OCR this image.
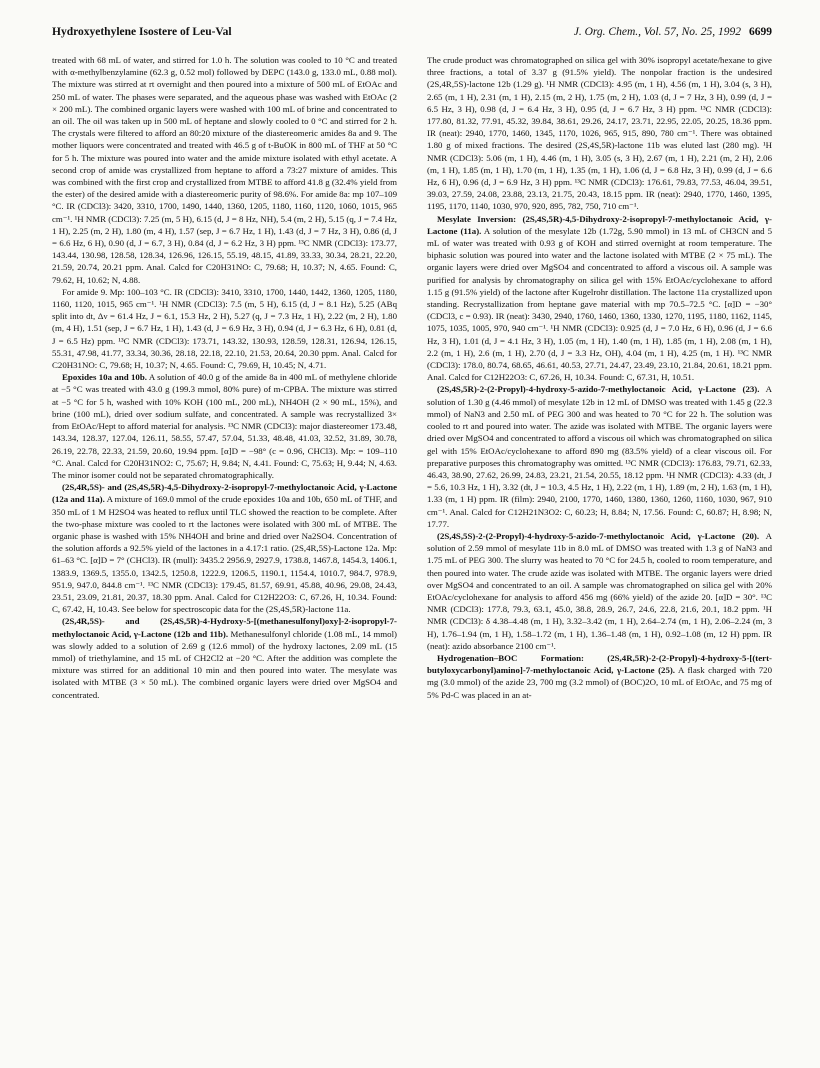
Hydroxyethylene Isostere of Leu-Val	J. Org. Chem., Vol. 57, No. 25, 1992 6699

treated with 68 mL of water, and stirred for 1.0 h. The solution was cooled to 10 °C and treated with α-methylbenzylamine (62.3 g, 0.52 mol) followed by DEPC (143.0 g, 133.0 mL, 0.88 mol). The mixture was stirred at rt overnight and then poured into a mixture of 500 mL of EtOAc and 250 mL of water. The phases were separated, and the aqueous phase was washed with EtOAc (2 × 200 mL). The combined organic layers were washed with 100 mL of brine and concentrated to an oil. The oil was taken up in 500 mL of heptane and slowly cooled to 0 °C and stirred for 2 h. The crystals were filtered to afford an 80:20 mixture of the diastereomeric amides 8a and 9. The mother liquors were concentrated and treated with 46.5 g of t-BuOK in 800 mL of THF at 50 °C for 5 h. The mixture was poured into water and the amide mixture isolated with ethyl acetate. A second crop of amide was crystallized from heptane to afford a 73:27 mixture of amides. This was combined with the first crop and crystallized from MTBE to afford 41.8 g (32.4% yield from the ester) of the desired amide with a diastereomeric purity of 98.6%. For amide 8a: mp 107–109 °C. IR (CDCl3): 3420, 3310, 1700, 1490, 1440, 1360, 1205, 1180, 1160, 1120, 1060, 1015, 965 cm⁻¹. ¹H NMR (CDCl3): 7.25 (m, 5 H), 6.15 (d, J = 8 Hz, NH), 5.4 (m, 2 H), 5.15 (q, J = 7.4 Hz, 1 H), 2.25 (m, 2 H), 1.80 (m, 4 H), 1.57 (sep, J = 6.7 Hz, 1 H), 1.43 (d, J = 7 Hz, 3 H), 0.86 (d, J = 6.6 Hz, 6 H), 0.90 (d, J = 6.7, 3 H), 0.84 (d, J = 6.2 Hz, 3 H) ppm. ¹³C NMR (CDCl3): 173.77, 143.44, 130.98, 128.58, 128.34, 126.96, 126.15, 55.19, 48.15, 41.89, 33.33, 30.34, 28.21, 22.20, 21.59, 20.74, 20.21 ppm. Anal. Calcd for C20H31NO: C, 79.68; H, 10.37; N, 4.65. Found: C, 79.62, H, 10.62; N, 4.88.

For amide 9. Mp: 100–103 °C. IR (CDCl3): 3410, 3310, 1700, 1440, 1442, 1360, 1205, 1180, 1160, 1120, 1015, 965 cm⁻¹. ¹H NMR (CDCl3): 7.5 (m, 5 H), 6.15 (d, J = 8.1 Hz), 5.25 (ABq split into dt, Δν = 61.4 Hz, J = 6.1, 15.3 Hz, 2 H), 5.27 (q, J = 7.3 Hz, 1 H), 2.22 (m, 2 H), 1.80 (m, 4 H), 1.51 (sep, J = 6.7 Hz, 1 H), 1.43 (d, J = 6.9 Hz, 3 H), 0.94 (d, J = 6.3 Hz, 6 H), 0.81 (d, J = 6.5 Hz) ppm. ¹³C NMR (CDCl3): 173.71, 143.32, 130.93, 128.59, 128.31, 126.94, 126.15, 55.31, 47.98, 41.77, 33.34, 30.36, 28.18, 22.18, 22.10, 21.53, 20.64, 20.30 ppm. Anal. Calcd for C20H31NO: C, 79.68; H, 10.37; N, 4.65. Found: C, 79.69, H, 10.45; N, 4.71.

Epoxides 10a and 10b. A solution of 40.0 g of the amide 8a in 400 mL of methylene chloride at −5 °C was treated with 43.0 g (199.3 mmol, 80% pure) of m-CPBA. The mixture was stirred at −5 °C for 5 h, washed with 10% KOH (100 mL, 200 mL), NH4OH (2 × 90 mL, 15%), and brine (100 mL), dried over sodium sulfate, and concentrated. A sample was recrystallized 3× from EtOAc/Hept to afford material for analysis. ¹³C NMR (CDCl3): major diastereomer 173.48, 143.34, 128.37, 127.04, 126.11, 58.55, 57.47, 57.04, 51.33, 48.48, 41.03, 32.52, 31.89, 30.78, 26.19, 22.78, 22.33, 21.59, 20.60, 19.94 ppm. [α]D = −98° (c = 0.96, CHCl3). Mp: = 109–110 °C. Anal. Calcd for C20H31NO2: C, 75.67; H, 9.84; N, 4.41. Found: C, 75.63; H, 9.44; N, 4.63. The minor isomer could not be separated chromatographically.

(2S,4R,5S)- and (2S,4S,5R)-4,5-Dihydroxy-2-isopropyl-7-methyloctanoic Acid, γ-Lactone (12a and 11a). A mixture of 169.0 mmol of the crude epoxides 10a and 10b, 650 mL of THF, and 350 mL of 1 M H2SO4 was heated to reflux until TLC showed the reaction to be complete. After the two-phase mixture was cooled to rt the lactones were isolated with 300 mL of MTBE. The organic phase is washed with 15% NH4OH and brine and dried over Na2SO4. Concentration of the solution affords a 92.5% yield of the lactones in a 4.17:1 ratio. (2S,4R,5S)-Lactone 12a. Mp: 61–63 °C. [α]D = 7° (CHCl3). IR (mull): 3435.2 2956.9, 2927.9, 1738.8, 1467.8, 1454.3, 1406.1, 1383.9, 1369.5, 1355.0, 1342.5, 1250.8, 1222.9, 1206.5, 1190.1, 1154.4, 1010.7, 984.7, 978.9, 951.9, 947.0, 844.8 cm⁻¹. ¹³C NMR (CDCl3): 179.45, 81.57, 69.91, 45.88, 40.96, 29.08, 24.43, 23.51, 23.09, 21.81, 20.37, 18.30 ppm. Anal. Calcd for C12H22O3: C, 67.26, H, 10.34. Found: C, 67.42, H, 10.43. See below for spectroscopic data for the (2S,4S,5R)-lactone 11a.

(2S,4R,5S)- and (2S,4S,5R)-4-Hydroxy-5-[(methanesulfonyl)oxy]-2-isopropyl-7-methyloctanoic Acid, γ-Lactone (12b and 11b). Methanesulfonyl chloride (1.08 mL, 14 mmol) was slowly added to a solution of 2.69 g (12.6 mmol) of the hydroxy lactones, 2.09 mL (15 mmol) of triethylamine, and 15 mL of CH2Cl2 at −20 °C. After the addition was complete the mixture was stirred for an additional 10 min and then poured into water. The mesylate was isolated with MTBE (3 × 50 mL). The combined organic layers were dried over MgSO4 and concentrated.

The crude product was chromatographed on silica gel with 30% isopropyl acetate/hexane to give three fractions, a total of 3.37 g (91.5% yield). The nonpolar fraction is the undesired (2S,4R,5S)-lactone 12b (1.29 g). ¹H NMR (CDCl3): 4.95 (m, 1 H), 4.56 (m, 1 H), 3.04 (s, 3 H), 2.65 (m, 1 H), 2.31 (m, 1 H), 2.15 (m, 2 H), 1.75 (m, 2 H), 1.03 (d, J = 7 Hz, 3 H), 0.99 (d, J = 6.5 Hz, 3 H), 0.98 (d, J = 6.4 Hz, 3 H), 0.95 (d, J = 6.7 Hz, 3 H) ppm. ¹³C NMR (CDCl3): 177.80, 81.32, 77.91, 45.32, 39.84, 38.61, 29.26, 24.17, 23.71, 22.95, 22.05, 20.25, 18.36 ppm. IR (neat): 2940, 1770, 1460, 1345, 1170, 1026, 965, 915, 890, 780 cm⁻¹. There was obtained 1.80 g of mixed fractions. The desired (2S,4S,5R)-lactone 11b was eluted last (280 mg). ¹H NMR (CDCl3): 5.06 (m, 1 H), 4.46 (m, 1 H), 3.05 (s, 3 H), 2.67 (m, 1 H), 2.21 (m, 2 H), 2.06 (m, 1 H), 1.85 (m, 1 H), 1.70 (m, 1 H), 1.35 (m, 1 H), 1.06 (d, J = 6.8 Hz, 3 H), 0.99 (d, J = 6.6 Hz, 6 H), 0.96 (d, J = 6.9 Hz, 3 H) ppm. ¹³C NMR (CDCl3): 176.61, 79.83, 77.53, 46.04, 39.51, 39.03, 27.59, 24.08, 23.88, 23.13, 21.75, 20.43, 18.15 ppm. IR (neat): 2940, 1770, 1460, 1395, 1195, 1170, 1140, 1030, 970, 920, 895, 782, 750, 710 cm⁻¹.

Mesylate Inversion: (2S,4S,5R)-4,5-Dihydroxy-2-isopropyl-7-methyloctanoic Acid, γ-Lactone (11a). A solution of the mesylate 12b (1.72g, 5.90 mmol) in 13 mL of CH3CN and 5 mL of water was treated with 0.93 g of KOH and stirred overnight at room temperature. The biphasic solution was poured into water and the lactone isolated with MTBE (2 × 75 mL). The organic layers were dried over MgSO4 and concentrated to afford a viscous oil. A sample was purified for analysis by chromatography on silica gel with 15% EtOAc/cyclohexane to afford 1.15 g (91.5% yield) of the lactone after Kugelrohr distillation. The lactone 11a crystallized upon standing. Recrystallization from heptane gave material with mp 70.5–72.5 °C. [α]D = −30° (CDCl3, c = 0.93). IR (neat): 3430, 2940, 1760, 1460, 1360, 1330, 1270, 1195, 1180, 1162, 1145, 1075, 1035, 1005, 970, 940 cm⁻¹. ¹H NMR (CDCl3): 0.925 (d, J = 7.0 Hz, 6 H), 0.96 (d, J = 6.6 Hz, 3 H), 1.01 (d, J = 4.1 Hz, 3 H), 1.05 (m, 1 H), 1.40 (m, 1 H), 1.85 (m, 1 H), 2.08 (m, 1 H), 2.2 (m, 1 H), 2.6 (m, 1 H), 2.70 (d, J = 3.3 Hz, OH), 4.04 (m, 1 H), 4.25 (m, 1 H). ¹³C NMR (CDCl3): 178.0, 80.74, 68.65, 46.61, 40.53, 27.71, 24.47, 23.49, 23.10, 21.84, 20.61, 18.21 ppm. Anal. Calcd for C12H22O3: C, 67.26, H, 10.34. Found: C, 67.31, H, 10.51.

(2S,4S,5R)-2-(2-Propyl)-4-hydroxy-5-azido-7-methyloctanoic Acid, γ-Lactone (23). A solution of 1.30 g (4.46 mmol) of mesylate 12b in 12 mL of DMSO was treated with 1.45 g (22.3 mmol) of NaN3 and 2.50 mL of PEG 300 and was heated to 70 °C for 22 h. The solution was cooled to rt and poured into water. The azide was isolated with MTBE. The organic layers were dried over MgSO4 and concentrated to afford a viscous oil which was chromatographed on silica gel with 15% EtOAc/cyclohexane to afford 890 mg (83.5% yield) of a clear viscous oil. For preparative purposes this chromatography was omitted. ¹³C NMR (CDCl3): 176.83, 79.71, 62.33, 46.43, 38.90, 27.62, 26.99, 24.83, 23.21, 21.54, 20.55, 18.12 ppm. ¹H NMR (CDCl3): 4.33 (dt, J = 5.6, 10.3 Hz, 1 H), 3.32 (dt, J = 10.3, 4.5 Hz, 1 H), 2.22 (m, 1 H), 1.89 (m, 2 H), 1.63 (m, 1 H), 1.33 (m, 1 H) ppm. IR (film): 2940, 2100, 1770, 1460, 1380, 1360, 1260, 1160, 1030, 967, 910 cm⁻¹. Anal. Calcd for C12H21N3O2: C, 60.23; H, 8.84; N, 17.56. Found: C, 60.87; H, 8.98; N, 17.77.

(2S,4S,5S)-2-(2-Propyl)-4-hydroxy-5-azido-7-methyloctanoic Acid, γ-Lactone (20). A solution of 2.59 mmol of mesylate 11b in 8.0 mL of DMSO was treated with 1.3 g of NaN3 and 1.75 mL of PEG 300. The slurry was heated to 70 °C for 24.5 h, cooled to room temperature, and then poured into water. The crude azide was isolated with MTBE. The organic layers were dried over MgSO4 and concentrated to an oil. A sample was chromatographed on silica gel with 20% EtOAc/cyclohexane for analysis to afford 456 mg (66% yield) of the azide 20. [α]D = 30°. ¹³C NMR (CDCl3): 177.8, 79.3, 63.1, 45.0, 38.8, 28.9, 26.7, 24.6, 22.8, 21.6, 20.1, 18.2 ppm. ¹H NMR (CDCl3): δ 4.38–4.48 (m, 1 H), 3.32–3.42 (m, 1 H), 2.64–2.74 (m, 1 H), 2.06–2.24 (m, 3 H), 1.76–1.94 (m, 1 H), 1.58–1.72 (m, 1 H), 1.36–1.48 (m, 1 H), 0.92–1.08 (m, 12 H) ppm. IR (neat): azido absorbance 2100 cm⁻¹.

Hydrogenation–BOC Formation: (2S,4R,5R)-2-(2-Propyl)-4-hydroxy-5-[(tert-butyloxycarbonyl)amino]-7-methyloctanoic Acid, γ-Lactone (25). A flask charged with 720 mg (3.0 mmol) of the azide 23, 700 mg (3.2 mmol) of (BOC)2O, 10 mL of EtOAc, and 75 mg of 5% Pd-C was placed in an at-
